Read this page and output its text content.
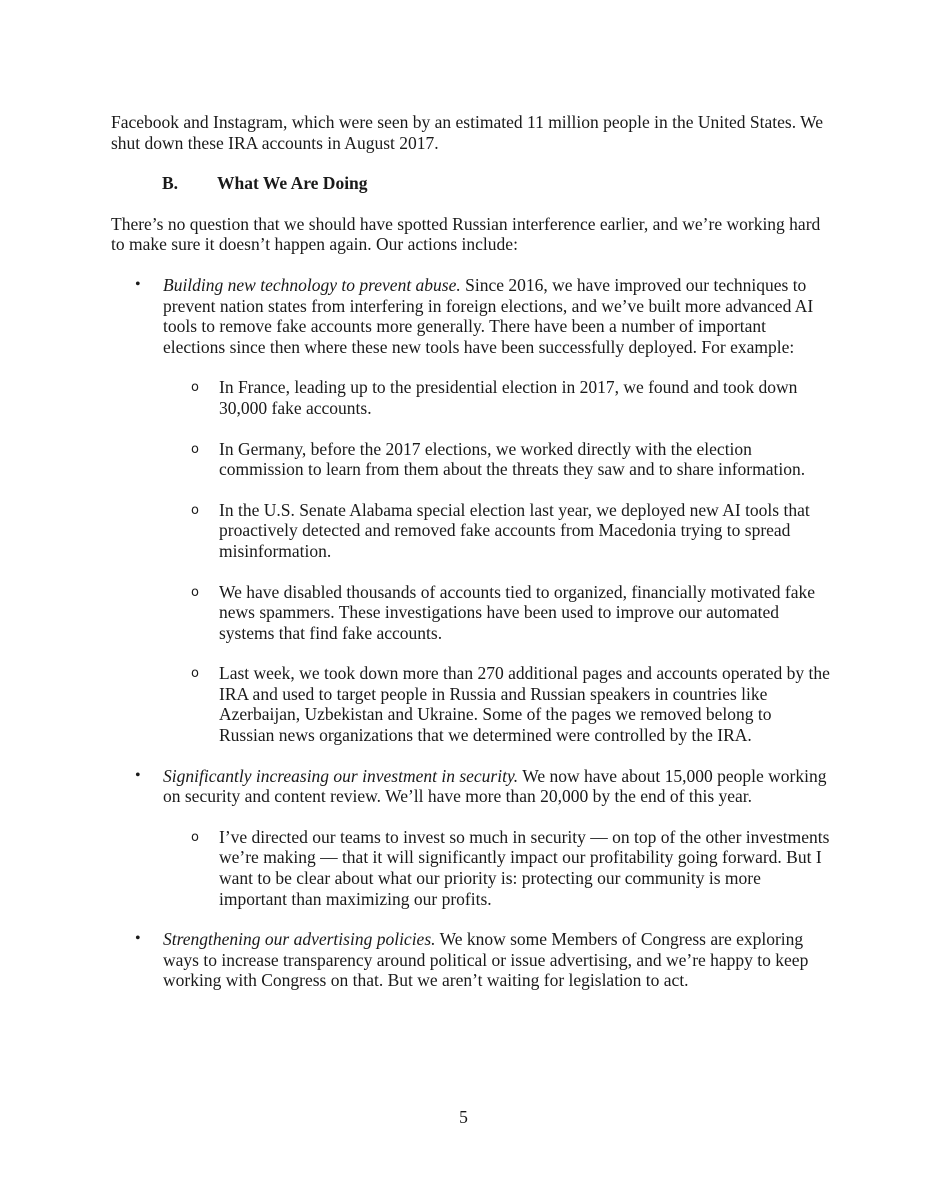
Facebook and Instagram, which were seen by an estimated 11 million people in the United States. We shut down these IRA accounts in August 2017.

B.	What We Are Doing

There’s no question that we should have spotted Russian interference earlier, and we’re working hard to make sure it doesn’t happen again. Our actions include:

• Building new technology to prevent abuse. Since 2016, we have improved our techniques to prevent nation states from interfering in foreign elections, and we’ve built more advanced AI tools to remove fake accounts more generally. There have been a number of important elections since then where these new tools have been successfully deployed. For example:

o In France, leading up to the presidential election in 2017, we found and took down 30,000 fake accounts.
o In Germany, before the 2017 elections, we worked directly with the election commission to learn from them about the threats they saw and to share information.
o In the U.S. Senate Alabama special election last year, we deployed new AI tools that proactively detected and removed fake accounts from Macedonia trying to spread misinformation.
o We have disabled thousands of accounts tied to organized, financially motivated fake news spammers. These investigations have been used to improve our automated systems that find fake accounts.
o Last week, we took down more than 270 additional pages and accounts operated by the IRA and used to target people in Russia and Russian speakers in countries like Azerbaijan, Uzbekistan and Ukraine. Some of the pages we removed belong to Russian news organizations that we determined were controlled by the IRA.
• Significantly increasing our investment in security. We now have about 15,000 people working on security and content review. We’ll have more than 20,000 by the end of this year.

o I’ve directed our teams to invest so much in security — on top of the other investments we’re making — that it will significantly impact our profitability going forward. But I want to be clear about what our priority is: protecting our community is more important than maximizing our profits.
• Strengthening our advertising policies. We know some Members of Congress are exploring ways to increase transparency around political or issue advertising, and we’re happy to keep working with Congress on that. But we aren’t waiting for legislation to act.

5
